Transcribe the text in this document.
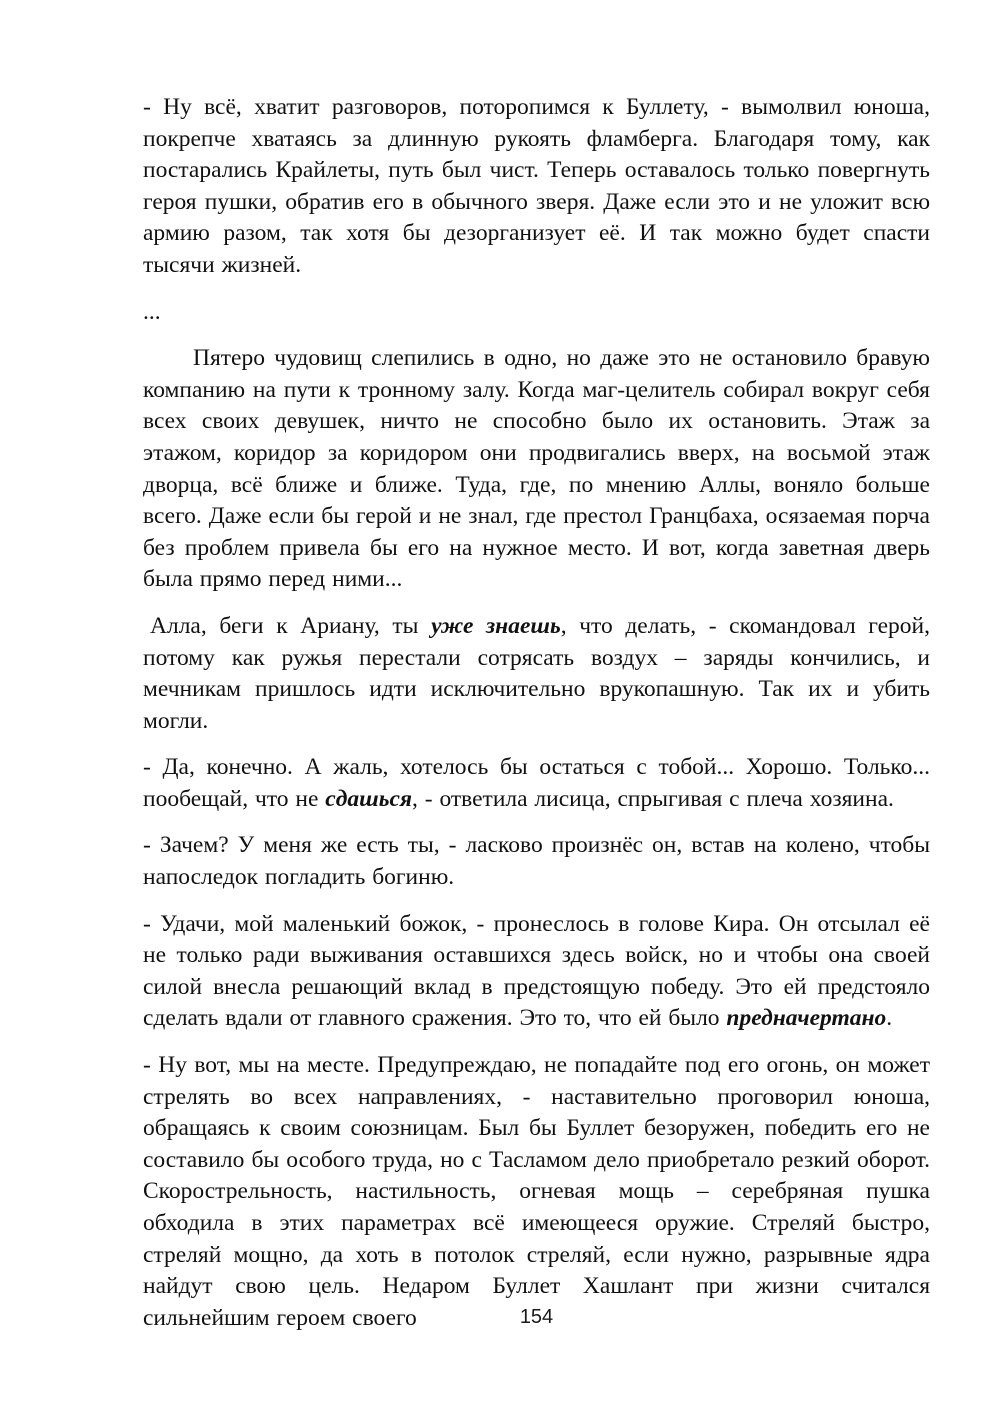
- Ну всё, хватит разговоров, поторопимся к Буллету, - вымолвил юноша, покрепче хватаясь за длинную рукоять фламберга. Благодаря тому, как постарались Крайлеты, путь был чист. Теперь оставалось только повергнуть героя пушки, обратив его в обычного зверя. Даже если это и не уложит всю армию разом, так хотя бы дезорганизует её. И так можно будет спасти тысячи жизней.

...

Пятеро чудовищ слепились в одно, но даже это не остановило бравую компанию на пути к тронному залу. Когда маг-целитель собирал вокруг себя всех своих девушек, ничто не способно было их остановить. Этаж за этажом, коридор за коридором они продвигались вверх, на восьмой этаж дворца, всё ближе и ближе. Туда, где, по мнению Аллы, воняло больше всего. Даже если бы герой и не знал, где престол Гранцбаха, осязаемая порча без проблем привела бы его на нужное место. И вот, когда заветная дверь была прямо перед ними...

Алла, беги к Ариану, ты уже знаешь, что делать, - скомандовал герой, потому как ружья перестали сотрясать воздух – заряды кончились, и мечникам пришлось идти исключительно врукопашную. Так их и убить могли.

- Да, конечно. А жаль, хотелось бы остаться с тобой... Хорошо. Только... пообещай, что не сдашься, - ответила лисица, спрыгивая с плеча хозяина.

- Зачем? У меня же есть ты, - ласково произнёс он, встав на колено, чтобы напоследок погладить богиню.

- Удачи, мой маленький божок, - пронеслось в голове Кира. Он отсылал её не только ради выживания оставшихся здесь войск, но и чтобы она своей силой внесла решающий вклад в предстоящую победу. Это ей предстояло сделать вдали от главного сражения. Это то, что ей было предначертано.

- Ну вот, мы на месте. Предупреждаю, не попадайте под его огонь, он может стрелять во всех направлениях, - наставительно проговорил юноша, обращаясь к своим союзницам. Был бы Буллет безоружен, победить его не составило бы особого труда, но с Тасламом дело приобретало резкий оборот. Скорострельность, настильность, огневая мощь – серебряная пушка обходила в этих параметрах всё имеющееся оружие. Стреляй быстро, стреляй мощно, да хоть в потолок стреляй, если нужно, разрывные ядра найдут свою цель. Недаром Буллет Хашлант при жизни считался сильнейшим героем своего	154
